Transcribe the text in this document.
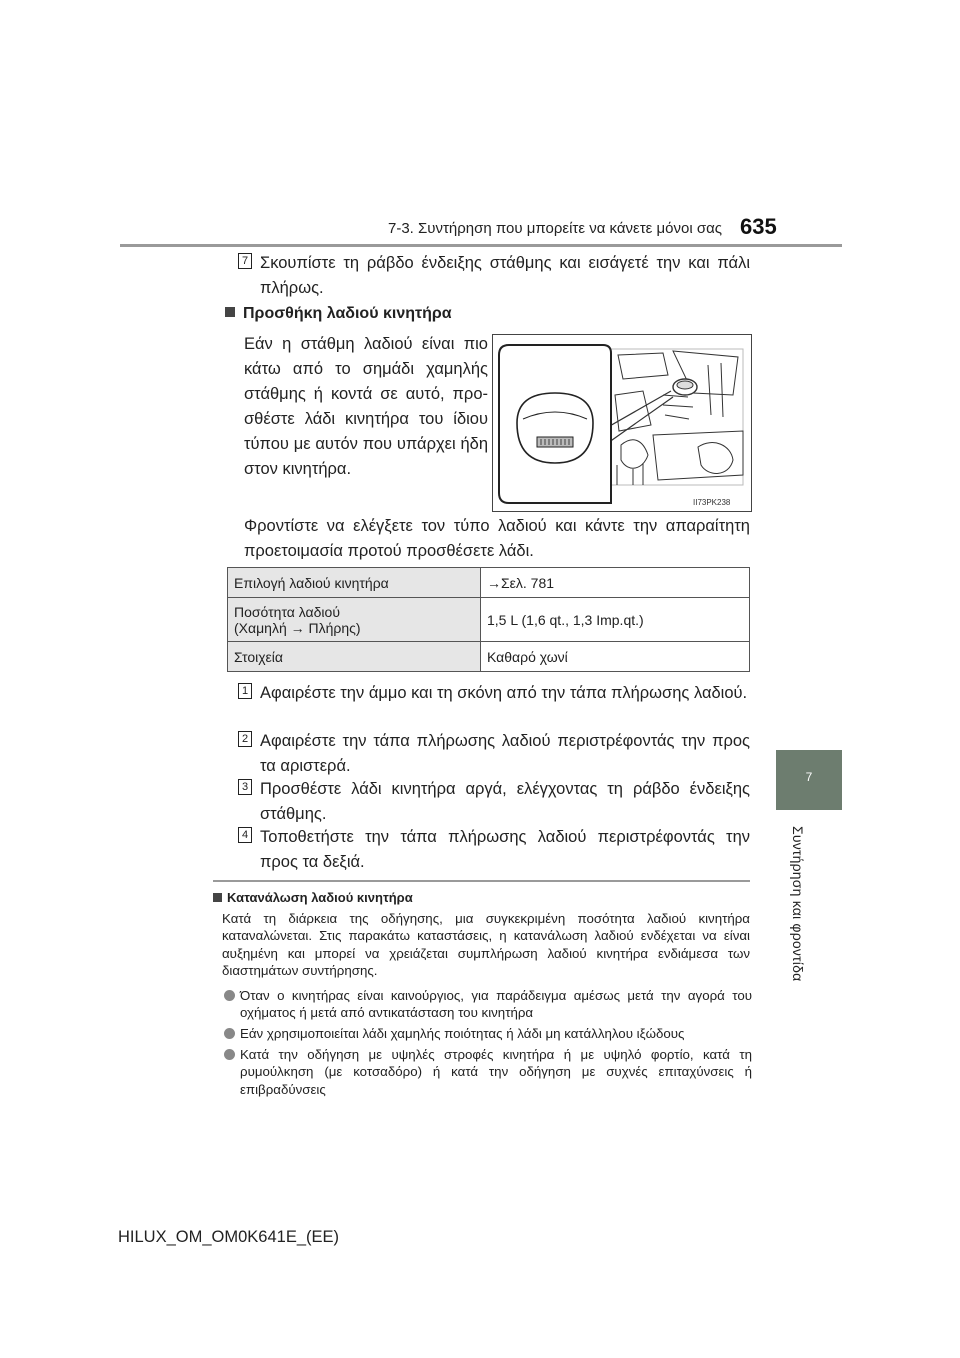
7-3. Συντήρηση που μπορείτε να κάνετε μόνοι σας 635
7
Συντήρηση και φροντίδα
7 Σκουπίστε τη ράβδο ένδειξης στάθμης και εισάγετέ την και πάλι πλήρως.
Προσθήκη λαδιού κινητήρα
Εάν η στάθμη λαδιού είναι πιο κάτω από το σημάδι χαμηλής στάθμης ή κοντά σε αυτό, προ-σθέστε λάδι κινητήρα του ίδιου τύπου με αυτόν που υπάρχει ήδη στον κινητήρα.
II73PK238
Φροντίστε να ελέγξετε τον τύπο λαδιού και κάντε την απαραίτητη προετοιμασία προτού προσθέσετε λάδι.
Επιλογή λαδιού κινητήρα	→Σελ. 781

Ποσότητα λαδιού
(Χαμηλή → Πλήρης)	1,5 L (1,6 qt., 1,3 Imp.qt.)
Στοιχεία	Καθαρό χωνί
1 Αφαιρέστε την άμμο και τη σκόνη από την τάπα πλήρωσης λαδιού.
2 Αφαιρέστε την τάπα πλήρωσης λαδιού περιστρέφοντάς την προς τα αριστερά.
3 Προσθέστε λάδι κινητήρα αργά, ελέγχοντας τη ράβδο ένδειξης στάθμης.
4 Τοποθετήστε την τάπα πλήρωσης λαδιού περιστρέφοντάς την προς τα δεξιά.
Κατανάλωση λαδιού κινητήρα
Κατά τη διάρκεια της οδήγησης, μια συγκεκριμένη ποσότητα λαδιού κινητήρα καταναλώνεται. Στις παρακάτω καταστάσεις, η κατανάλωση λαδιού ενδέχεται να είναι αυξημένη και μπορεί να χρειάζεται συμπλήρωση λαδιού κινητήρα ενδιάμεσα των διαστημάτων συντήρησης.
Όταν ο κινητήρας είναι καινούργιος, για παράδειγμα αμέσως μετά την αγορά του οχήματος ή μετά από αντικατάσταση του κινητήρα
Εάν χρησιμοποιείται λάδι χαμηλής ποιότητας ή λάδι μη κατάλληλου ιξώδους
Κατά την οδήγηση με υψηλές στροφές κινητήρα ή με υψηλό φορτίο, κατά τη ρυμούλκηση (με κοτσαδόρο) ή κατά την οδήγηση με συχνές επιταχύνσεις ή επιβραδύνσεις
HILUX_OM_OM0K641E_(EE)
